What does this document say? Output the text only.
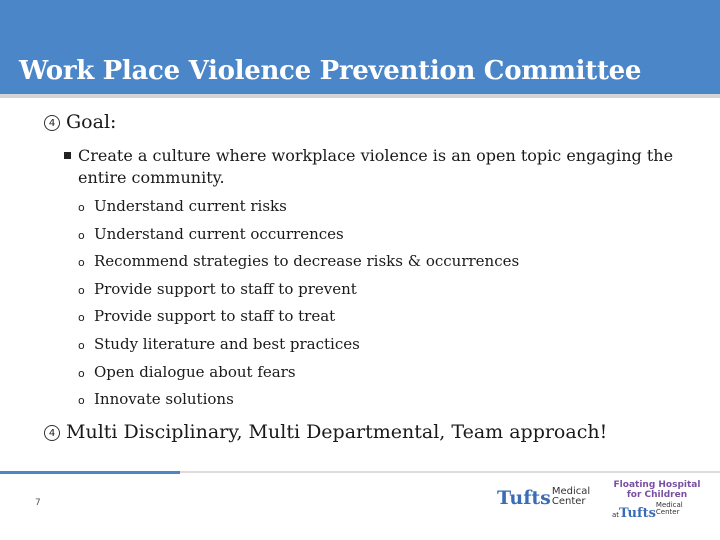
Work Place Violence Prevention Committee
4 Goal:
Create a culture where workplace violence is an open topic engaging the entire community.
o Understand current risks
o Understand current occurrences
o Recommend strategies to decrease risks & occurrences
o Provide support to staff to prevent
o Provide support to staff to treat
o Study literature and best practices
o Open dialogue about fears
o Innovate solutions
4 Multi Disciplinary, Multi Departmental, Team approach!
7	Tufts Medical
Center
Floating Hospital
for Children
atTufts
Medical
Center
